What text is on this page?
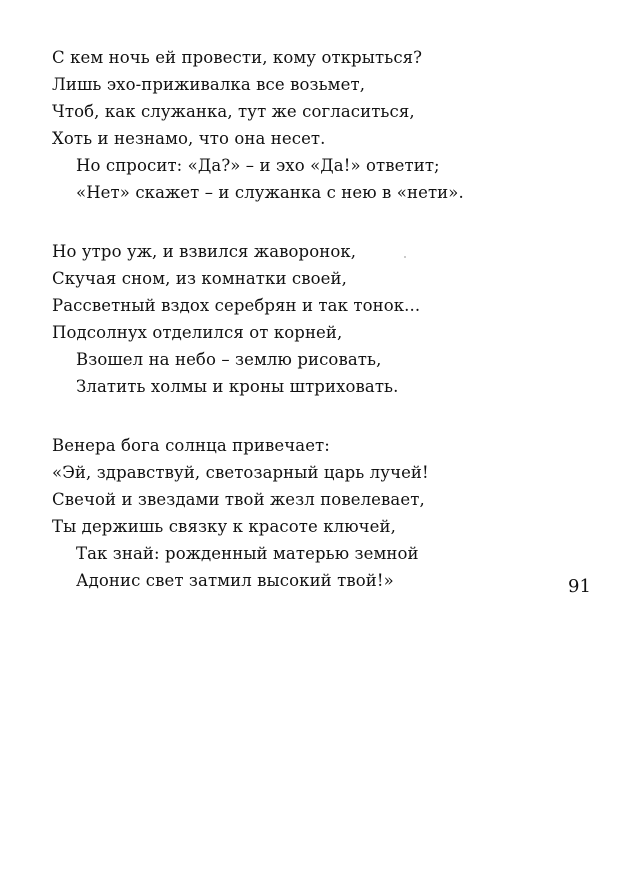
С кем ночь ей провести, кому открыться?
Лишь эхо-приживалка все возьмет,
Чтоб, как служанка, тут же согласиться,
Хоть и незнамо, что она несет.
Но спросит: «Да?» – и эхо «Да!» ответит;
«Нет» скажет – и служанка с нею в «нети».
Но утро уж, и взвился жаворонок,
Скучая сном, из комнатки своей,
Рассветный вздох серебрян и так тонок...
Подсолнух отделился от корней,
Взошел на небо – землю рисовать,
Златить холмы и кроны штриховать.
Венера бога солнца привечает:
«Эй, здравствуй, светозарный царь лучей!
Свечой и звездами твой жезл повелевает,
Ты держишь связку к красоте ключей,
Так знай: рожденный матерью земной
Адонис свет затмил высокий твой!»	91
